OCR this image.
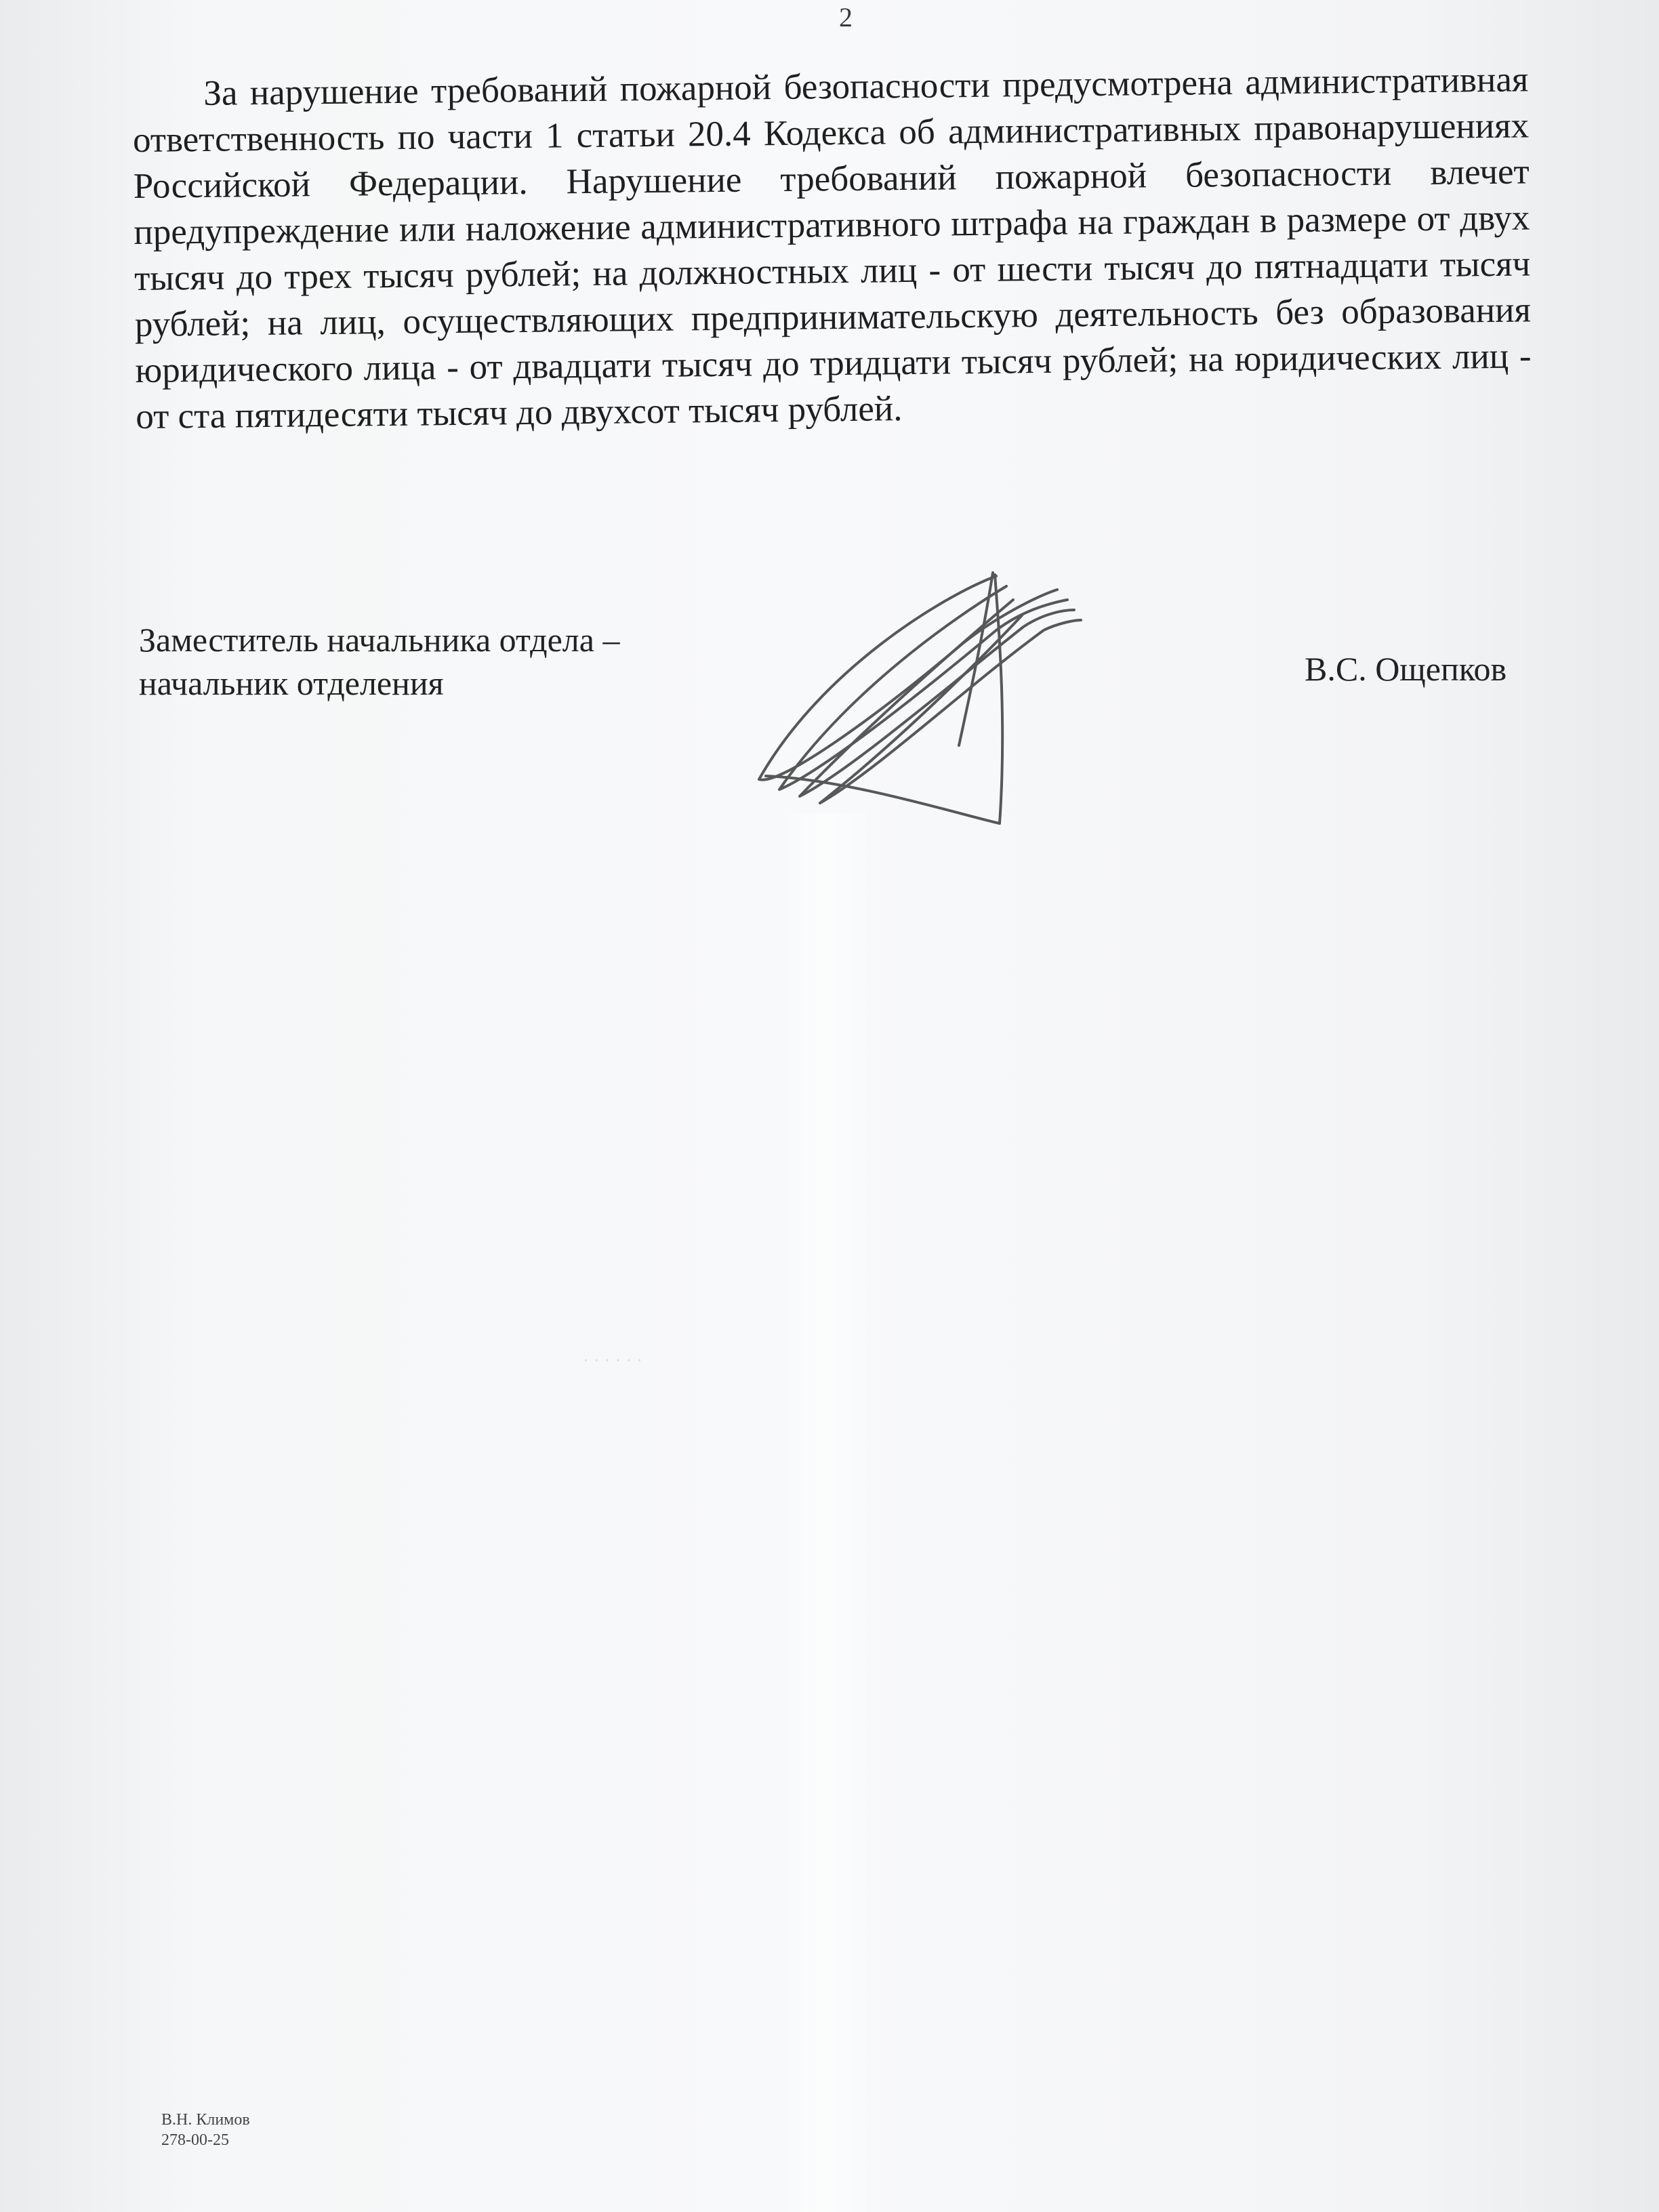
2

За нарушение требований пожарной безопасности предусмотрена административная ответственность по части 1 статьи 20.4 Кодекса об административных правонарушениях Российской Федерации. Нарушение требований пожарной безопасности влечет предупреждение или наложение административного штрафа на граждан в размере от двух тысяч до трех тысяч рублей; на должностных лиц - от шести тысяч до пятнадцати тысяч рублей; на лиц, осуществляющих предпринимательскую деятельность без образования юридического лица - от двадцати тысяч до тридцати тысяч рублей; на юридических лиц - от ста пятидесяти тысяч до двухсот тысяч рублей.

Заместитель начальника отдела –
начальник отделения	В.С. Ощепков
· · · · · ·
В.Н. Климов
278-00-25
